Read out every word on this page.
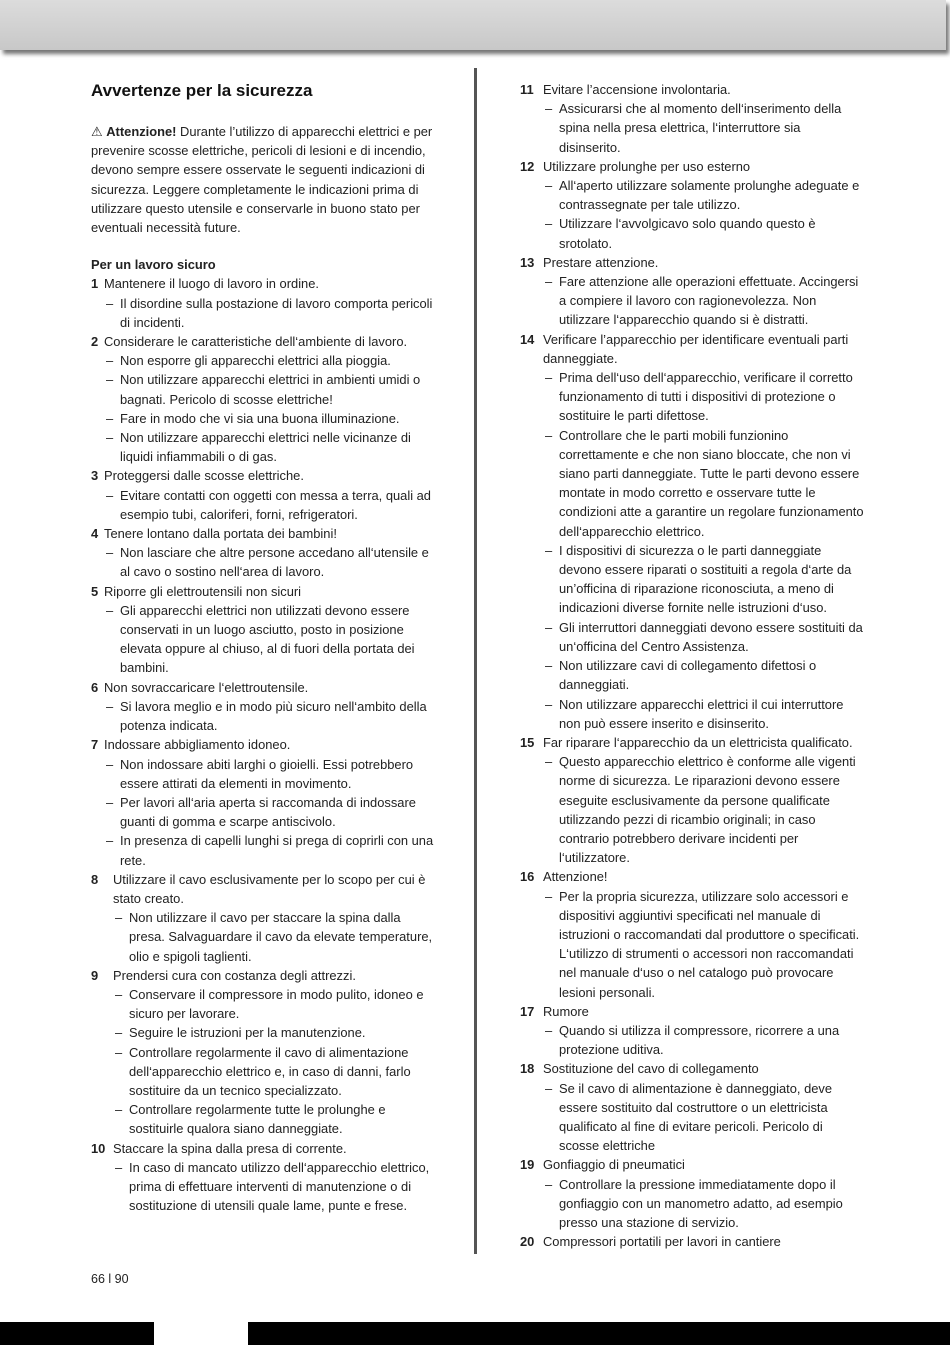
Avvertenze per la sicurezza

⚠ Attenzione! Durante l’utilizzo di apparecchi elettrici e per prevenire scosse elettriche, pericoli di lesioni e di incendio, devono sempre essere osservate le seguenti indicazioni di sicurezza. Leggere completamente le indicazioni prima di utilizzare questo utensile e conservarle in buono stato per eventuali necessità future.

Per un lavoro sicuro
1 Mantenere il luogo di lavoro in ordine.
– Il disordine sulla postazione di lavoro comporta pericoli di incidenti.
2 Considerare le caratteristiche dell‘ambiente di lavoro.
– Non esporre gli apparecchi elettrici alla pioggia.
– Non utilizzare apparecchi elettrici in ambienti umidi o bagnati. Pericolo di scosse elettriche!
– Fare in modo che vi sia una buona illuminazione.
– Non utilizzare apparecchi elettrici nelle vicinanze di liquidi infiammabili o di gas.
3 Proteggersi dalle scosse elettriche.
– Evitare contatti con oggetti con messa a terra, quali ad esempio tubi, caloriferi, forni, refrigeratori.
4 Tenere lontano dalla portata dei bambini!
– Non lasciare che altre persone accedano all‘utensile e al cavo o sostino nell‘area di lavoro.
5 Riporre gli elettroutensili non sicuri
– Gli apparecchi elettrici non utilizzati devono essere conservati in un luogo asciutto, posto in posizione elevata oppure al chiuso, al di fuori della portata dei bambini.
6 Non sovraccaricare l‘elettroutensile.
– Si lavora meglio e in modo più sicuro nell‘ambito della potenza indicata.
7 Indossare abbigliamento idoneo.
– Non indossare abiti larghi o gioielli. Essi potrebbero essere attirati da elementi in movimento.
– Per lavori all‘aria aperta si raccomanda di indossare guanti di gomma e scarpe antiscivolo.
– In presenza di capelli lunghi si prega di coprirli con una rete.
8	Utilizzare il cavo esclusivamente per lo scopo per cui è stato creato.
– Non utilizzare il cavo per staccare la spina dalla presa. Salvaguardare il cavo da elevate temperature, olio e spigoli taglienti.
9	Prendersi cura con costanza degli attrezzi.
– Conservare il compressore in modo pulito, idoneo e sicuro per lavorare.
– Seguire le istruzioni per la manutenzione.
– Controllare regolarmente il cavo di alimentazione dell‘apparecchio elettrico e, in caso di danni, farlo sostituire da un tecnico specializzato.
– Controllare regolarmente tutte le prolunghe e sostituirle qualora siano danneggiate.
10 Staccare la spina dalla presa di corrente.
– In caso di mancato utilizzo dell‘apparecchio elettrico, prima di effettuare interventi di manutenzione o di sostituzione di utensili quale lame, punte e frese.
11 Evitare l’accensione involontaria.
– Assicurarsi che al momento dell‘inserimento della spina nella presa elettrica, l‘interruttore sia disinserito.
12 Utilizzare prolunghe per uso esterno
– All‘aperto utilizzare solamente prolunghe adeguate e contrassegnate per tale utilizzo.
– Utilizzare l‘avvolgicavo solo quando questo è srotolato.
13 Prestare attenzione.
– Fare attenzione alle operazioni effettuate. Accingersi a compiere il lavoro con ragionevolezza. Non utilizzare l‘apparecchio quando si è distratti.
14 Verificare l’apparecchio per identificare eventuali parti danneggiate.
– Prima dell‘uso dell‘apparecchio, verificare il corretto funzionamento di tutti i dispositivi di protezione o sostituire le parti difettose.
– Controllare che le parti mobili funzionino correttamente e che non siano bloccate, che non vi siano parti danneggiate. Tutte le parti devono essere montate in modo corretto e osservare tutte le condizioni atte a garantire un regolare funzionamento dell‘apparecchio elettrico.
– I dispositivi di sicurezza o le parti danneggiate devono essere riparati o sostituiti a regola d‘arte da un’officina di riparazione riconosciuta, a meno di indicazioni diverse fornite nelle istruzioni d‘uso.
– Gli interruttori danneggiati devono essere sostituiti da un‘officina del Centro Assistenza.
– Non utilizzare cavi di collegamento difettosi o danneggiati.
– Non utilizzare apparecchi elettrici il cui interruttore non può essere inserito e disinserito.
15 Far riparare l‘apparecchio da un elettricista qualificato.
– Questo apparecchio elettrico è conforme alle vigenti norme di sicurezza. Le riparazioni devono essere eseguite esclusivamente da persone qualificate utilizzando pezzi di ricambio originali; in caso contrario potrebbero derivare incidenti per l‘utilizzatore.
16 Attenzione!
– Per la propria sicurezza, utilizzare solo accessori e dispositivi aggiuntivi specificati nel manuale di istruzioni o raccomandati dal produttore o specificati. L‘utilizzo di strumenti o accessori non raccomandati nel manuale d‘uso o nel catalogo può provocare lesioni personali.
17 Rumore
– Quando si utilizza il compressore, ricorrere a una protezione uditiva.
18 Sostituzione del cavo di collegamento
– Se il cavo di alimentazione è danneggiato, deve essere sostituito dal costruttore o un elettricista qualificato al fine di evitare pericoli. Pericolo di scosse elettriche
19 Gonfiaggio di pneumatici
– Controllare la pressione immediatamente dopo il gonfiaggio con un manometro adatto, ad esempio presso una stazione di servizio.
20 Compressori portatili per lavori in cantiere
66 l 90
